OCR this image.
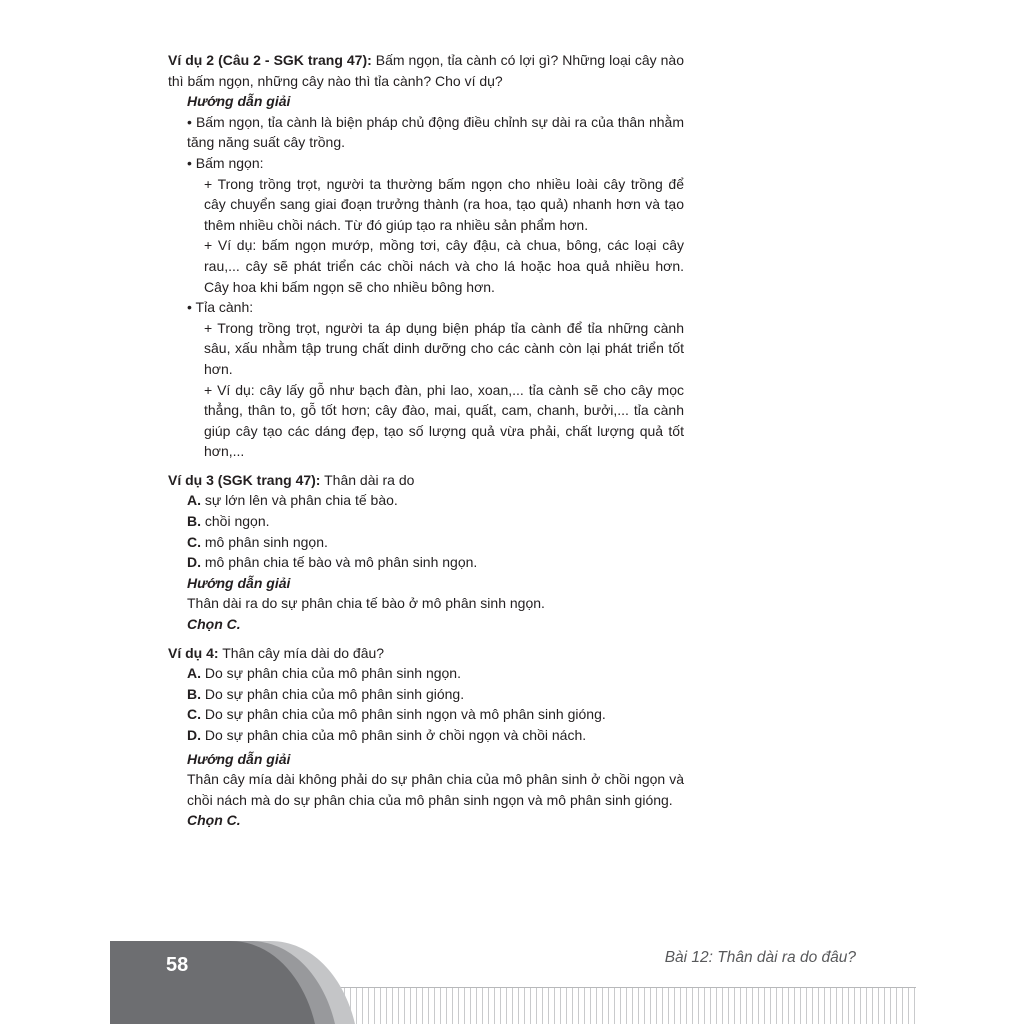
Ví dụ 2 (Câu 2 - SGK trang 47): Bấm ngọn, tỉa cành có lợi gì? Những loại cây nào thì bấm ngọn, những cây nào thì tỉa cành? Cho ví dụ?

Hướng dẫn giải

• Bấm ngọn, tỉa cành là biện pháp chủ động điều chỉnh sự dài ra của thân nhằm tăng năng suất cây trồng.

• Bấm ngọn:

+ Trong trồng trọt, người ta thường bấm ngọn cho nhiều loài cây trồng để cây chuyển sang giai đoạn trưởng thành (ra hoa, tạo quả) nhanh hơn và tạo thêm nhiều chồi nách. Từ đó giúp tạo ra nhiều sản phẩm hơn.

+ Ví dụ: bấm ngọn mướp, mồng tơi, cây đậu, cà chua, bông, các loại cây rau,... cây sẽ phát triển các chồi nách và cho lá hoặc hoa quả nhiều hơn. Cây hoa khi bấm ngọn sẽ cho nhiều bông hơn.

• Tỉa cành:

+ Trong trồng trọt, người ta áp dụng biện pháp tỉa cành để tỉa những cành sâu, xấu nhằm tập trung chất dinh dưỡng cho các cành còn lại phát triển tốt hơn.

+ Ví dụ: cây lấy gỗ như bạch đàn, phi lao, xoan,... tỉa cành sẽ cho cây mọc thẳng, thân to, gỗ tốt hơn; cây đào, mai, quất, cam, chanh, bưởi,... tỉa cành giúp cây tạo các dáng đẹp, tạo số lượng quả vừa phải, chất lượng quả tốt hơn,...

Ví dụ 3 (SGK trang 47): Thân dài ra do

A. sự lớn lên và phân chia tế bào.

B. chồi ngọn.

C. mô phân sinh ngọn.

D. mô phân chia tế bào và mô phân sinh ngọn.

Hướng dẫn giải

Thân dài ra do sự phân chia tế bào ở mô phân sinh ngọn.

Chọn C.

Ví dụ 4: Thân cây mía dài do đâu?

A. Do sự phân chia của mô phân sinh ngọn.

B. Do sự phân chia của mô phân sinh gióng.

C. Do sự phân chia của mô phân sinh ngọn và mô phân sinh gióng.

D. Do sự phân chia của mô phân sinh ở chồi ngọn và chồi nách.

Hướng dẫn giải

Thân cây mía dài không phải do sự phân chia của mô phân sinh ở chồi ngọn và chồi nách mà do sự phân chia của mô phân sinh ngọn và mô phân sinh gióng.

Chọn C.

58	Bài 12: Thân dài ra do đâu?
